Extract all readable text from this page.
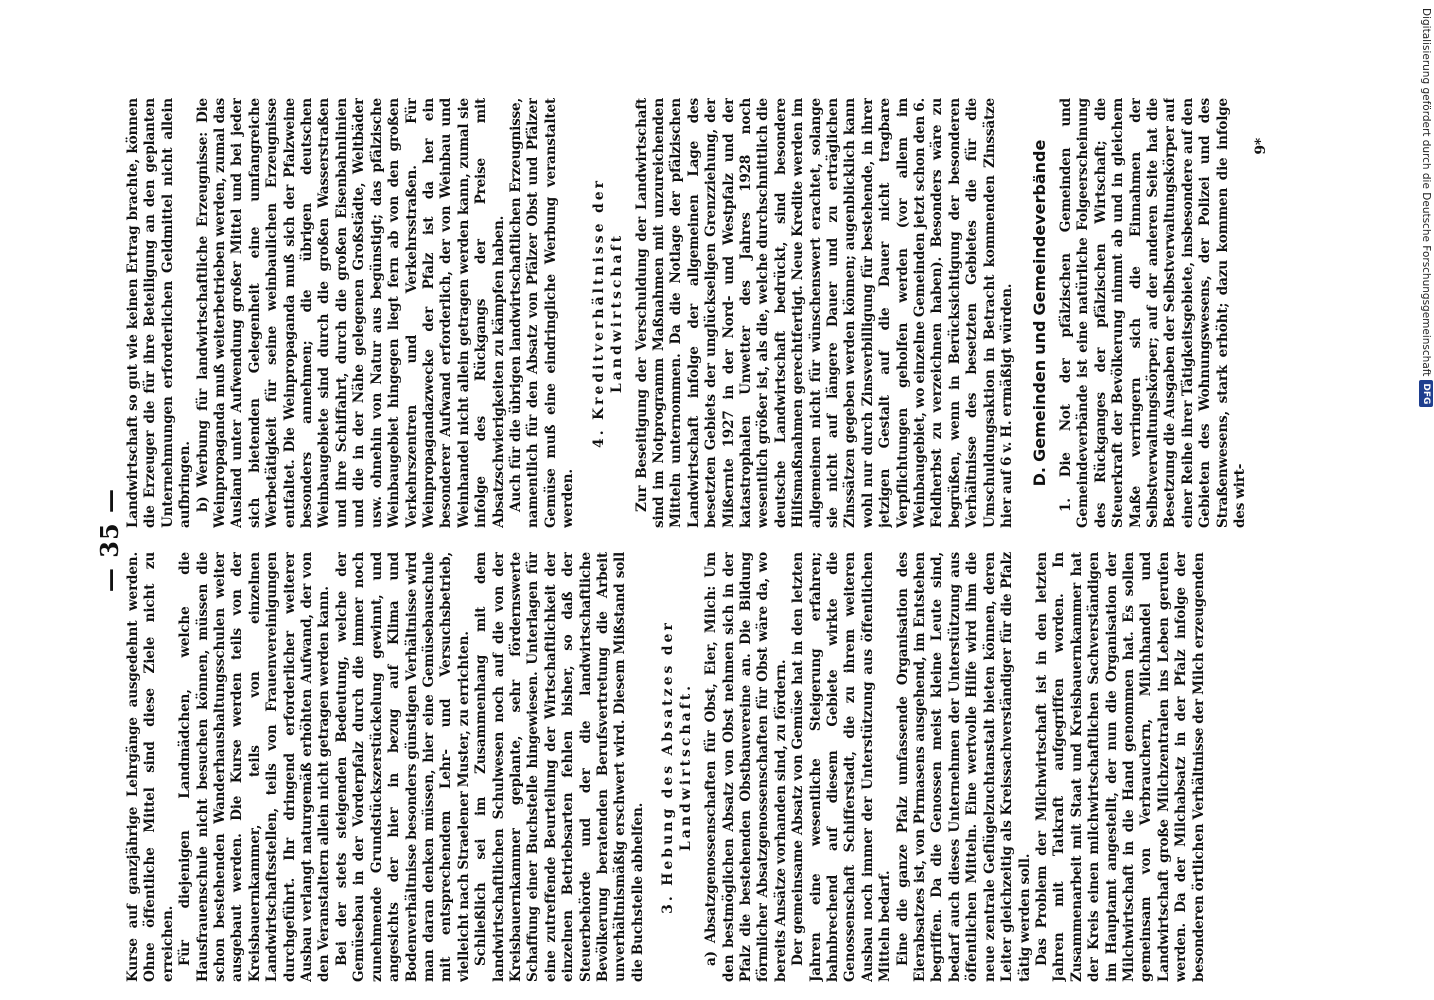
— 35 —

Kurse auf ganzjährige Lehrgänge ausgedehnt werden. Ohne öffentliche Mittel sind diese Ziele nicht zu erreichen. Für diejenigen Landmädchen, welche die Hausfrauenschule nicht besuchen können, müssen die schon bestehenden Wanderhaushaltungsschulen weiter ausgebaut werden. Die Kurse werden teils von der Kreisbauernkammer, teils von einzelnen Landwirtschaftsstellen, teils von Frauenvereinigungen durchgeführt. Ihr dringend erforderlicher weiterer Ausbau verlangt naturgemäß erhöhten Aufwand, der von den Veranstaltern allein nicht getragen werden kann. Bei der stets steigenden Bedeutung, welche der Gemüsebau in der Vorderpfalz durch die immer noch zunehmende Grundstückszerstückelung gewinnt, und angesichts der hier in bezug auf Klima und Bodenverhältnisse besonders günstigen Verhältnisse wird man daran denken müssen, hier eine Gemüsebauschule mit entsprechendem Lehr- und Versuchsbetrieb, vielleicht nach Straelener Muster, zu errichten. Schließlich sei im Zusammenhang mit dem landwirtschaftlichen Schulwesen noch auf die von der Kreisbauernkammer geplante, sehr fördernswerte Schaffung einer Buchstelle hingewiesen. Unterlagen für eine zutreffende Beurteilung der Wirtschaftlichkeit der einzelnen Betriebsarten fehlen bisher, so daß der Steuerbehörde und der die landwirtschaftliche Bevölkerung beratenden Berufsvertretung die Arbeit unverhältnismäßig erschwert wird. Diesem Mißstand soll die Buchstelle abhelfen. 3. Hebung des Absatzes der Landwirtschaft. a) Absatzgenossenschaften für Obst, Eier, Milch: Um den bestmöglichen Absatz von Obst nehmen sich in der Pfalz die bestehenden Obstbauvereine an. Die Bildung förmlicher Absatzgenossenschaften für Obst wäre da, wo bereits Ansätze vorhanden sind, zu fördern. Der gemeinsame Absatz von Gemüse hat in den letzten Jahren eine wesentliche Steigerung erfahren; bahnbrechend auf diesem Gebiete wirkte die Genossenschaft Schifferstadt, die zu ihrem weiteren Ausbau noch immer der Unterstützung aus öffentlichen Mitteln bedarf. Eine die ganze Pfalz umfassende Organisation des Eierabsatzes ist, von Pirmasens ausgehend, im Entstehen begriffen. Da die Genossen meist kleine Leute sind, bedarf auch dieses Unternehmen der Unterstützung aus öffentlichen Mitteln. Eine wertvolle Hilfe wird ihm die neue zentrale Geflügelzuchtanstalt bieten können, deren Leiter gleichzeitig als Kreissachverständiger für die Pfalz tätig werden soll. Das Problem der Milchwirtschaft ist in den letzten Jahren mit Tatkraft aufgegriffen worden. In Zusammenarbeit mit Staat und Kreisbauernkammer hat der Kreis einen milchwirtschaftlichen Sachverständigen im Hauptamt angestellt, der nun die Organisation der Milchwirtschaft in die Hand genommen hat. Es sollen gemeinsam von Verbrauchern, Milchhandel und Landwirtschaft große Milchzentralen ins Leben gerufen werden. Da der Milchabsatz in der Pfalz infolge der besonderen örtlichen Verhältnisse der Milch erzeugenden

Landwirtschaft so gut wie keinen Ertrag brachte, können die Erzeuger die für ihre Beteiligung an den geplanten Unternehmungen erforderlichen Geldmittel nicht allein aufbringen. b) Werbung für landwirtschaftliche Erzeugnisse: Die Weinpropaganda muß weiterbetrieben werden, zumal das Ausland unter Aufwendung großer Mittel und bei jeder sich bietenden Gelegenheit eine umfangreiche Werbetätigkeit für seine weinbaulichen Erzeugnisse entfaltet. Die Weinpropaganda muß sich der Pfalzweine besonders annehmen; die übrigen deutschen Weinbaugebiete sind durch die großen Wasserstraßen und ihre Schiffahrt, durch die großen Eisenbahnlinien und die in der Nähe gelegenen Großstädte, Weltbäder usw. ohnehin von Natur aus begünstigt; das pfälzische Weinbaugebiet hingegen liegt fern ab von den großen Verkehrszentren und Verkehrsstraßen. Für Weinpropagandazwecke der Pfalz ist da her ein besonderer Aufwand erforderlich, der von Weinbau und Weinhandel nicht allein getragen werden kann, zumal sie infolge des Rückgangs der Preise mit Absatzschwierigkeiten zu kämpfen haben. Auch für die übrigen landwirtschaftlichen Erzeugnisse, namentlich für den Absatz von Pfälzer Obst und Pfälzer Gemüse muß eine eindringliche Werbung veranstaltet werden.

4. Kreditverhältnisse der Landwirtschaft Zur Beseitigung der Verschuldung der Landwirtschaft sind im Notprogramm Maßnahmen mit unzureichenden Mitteln unternommen. Da die Notlage der pfälzischen Landwirtschaft infolge der allgemeinen Lage des besetzten Gebiets der unglückseligen Grenzziehung, der Mißernte 1927 in der Nord- und Westpfalz und der katastrophalen Unwetter des Jahres 1928 noch wesentlich größer ist, als die, welche durchschnittlich die deutsche Landwirtschaft bedrückt, sind besondere Hilfsmaßnahmen gerechtfertigt. Neue Kredite werden im allgemeinen nicht für wünschenswert erachtet, solange sie nicht auf längere Dauer und zu erträglichen Zinssätzen gegeben werden können; augenblicklich kann wohl nur durch Zinsverbilligung für bestehende, in ihrer jetzigen Gestalt auf die Dauer nicht tragbare Verpflichtungen geholfen werden (vor allem im Weinbaugebiet, wo einzelne Gemeinden jetzt schon den 6. Feldherbst zu verzeichnen haben). Besonders wäre zu begrüßen, wenn in Berücksichtigung der besonderen Verhältnisse des besetzten Gebietes die für die Umschuldungsaktion in Betracht kommenden Zinssätze hier auf 6 v. H. ermäßigt würden. D. Gemeinden und Gemeindeverbände 1. Die Not der pfälzischen Gemeinden und Gemeindeverbände ist eine natürliche Folgeerscheinung des Rückganges der pfälzischen Wirtschaft; die Steuerkraft der Bevölkerung nimmt ab und in gleichem Maße verringern sich die Einnahmen der Selbstverwaltungskörper; auf der anderen Seite hat die Besetzung die Ausgaben der Selbstverwaltungskörper auf einer Reihe ihrer Tätigkeitsgebiete, insbesondere auf den Gebieten des Wohnungswesens, der Polizei und des Straßenwesens, stark erhöht; dazu kommen die infolge des wirt-

9*	Digitalisierung gefördert durch die Deutsche Forschungsgemeinschaft
DFG
